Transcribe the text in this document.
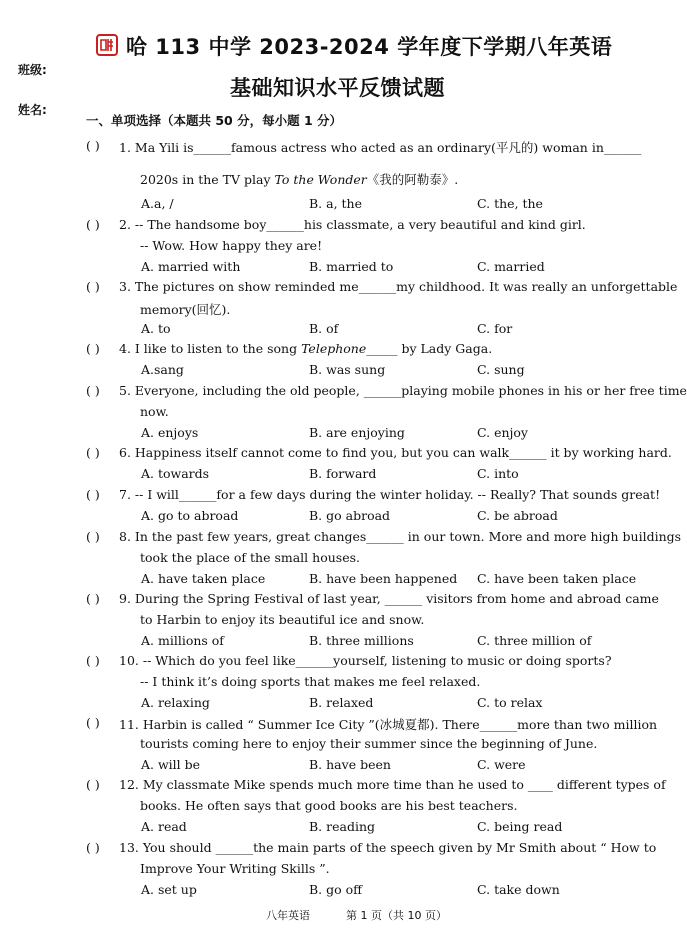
哈 113 中学 2023-2024 学年度下学期八年英语
基础知识水平反馈试题
班级:
姓名:
一、单项选择（本题共 50 分，每小题 1 分）
( ) 1. Ma Yili is______famous actress who acted as an ordinary(平凡的) woman in______
2020s in the TV play To the Wonder《我的阿勒泰》.
A.a, /	B. a, the	C. the, the
( ) 2. -- The handsome boy______his classmate, a very beautiful and kind girl.
-- Wow. How happy they are!
A. married with	B. married to	C. married
( ) 3. The pictures on show reminded me______my childhood. It was really an unforgettable
memory(回忆).
A. to	B. of	C. for
( ) 4. I like to listen to the song Telephone_____ by Lady Gaga.
A.sang	B. was sung	C. sung
( ) 5. Everyone, including the old people, ______playing mobile phones in his or her free time
now.
A. enjoys	B. are enjoying	C. enjoy
( ) 6. Happiness itself cannot come to find you, but you can walk______ it by working hard.
A. towards	B. forward	C. into
( ) 7. -- I will______for a few days during the winter holiday. -- Really? That sounds great!
A. go to abroad	B. go abroad	C. be abroad
( ) 8. In the past few years, great changes______ in our town. More and more high buildings
took the place of the small houses.
A. have taken place	B. have been happened C. have been taken place
( ) 9. During the Spring Festival of last year, ______ visitors from home and abroad came
to Harbin to enjoy its beautiful ice and snow.
A. millions of	B. three millions	C. three million of
( ) 10. -- Which do you feel like______yourself, listening to music or doing sports?
-- I think it’s doing sports that makes me feel relaxed.
A. relaxing	B. relaxed	C. to relax
( ) 11. Harbin is called “ Summer Ice City ”(冰城夏都). There______more than two million
tourists coming here to enjoy their summer since the beginning of June.
A. will be	B. have been	C. were
( ) 12. My classmate Mike spends much more time than he used to ____ different types of
books. He often says that good books are his best teachers.
A. read	B. reading	C. being read
( ) 13. You should ______the main parts of the speech given by Mr Smith about “ How to
Improve Your Writing Skills ”.
A. set up	B. go off	C. take down
八年英语	第 1 页（共 10 页）
